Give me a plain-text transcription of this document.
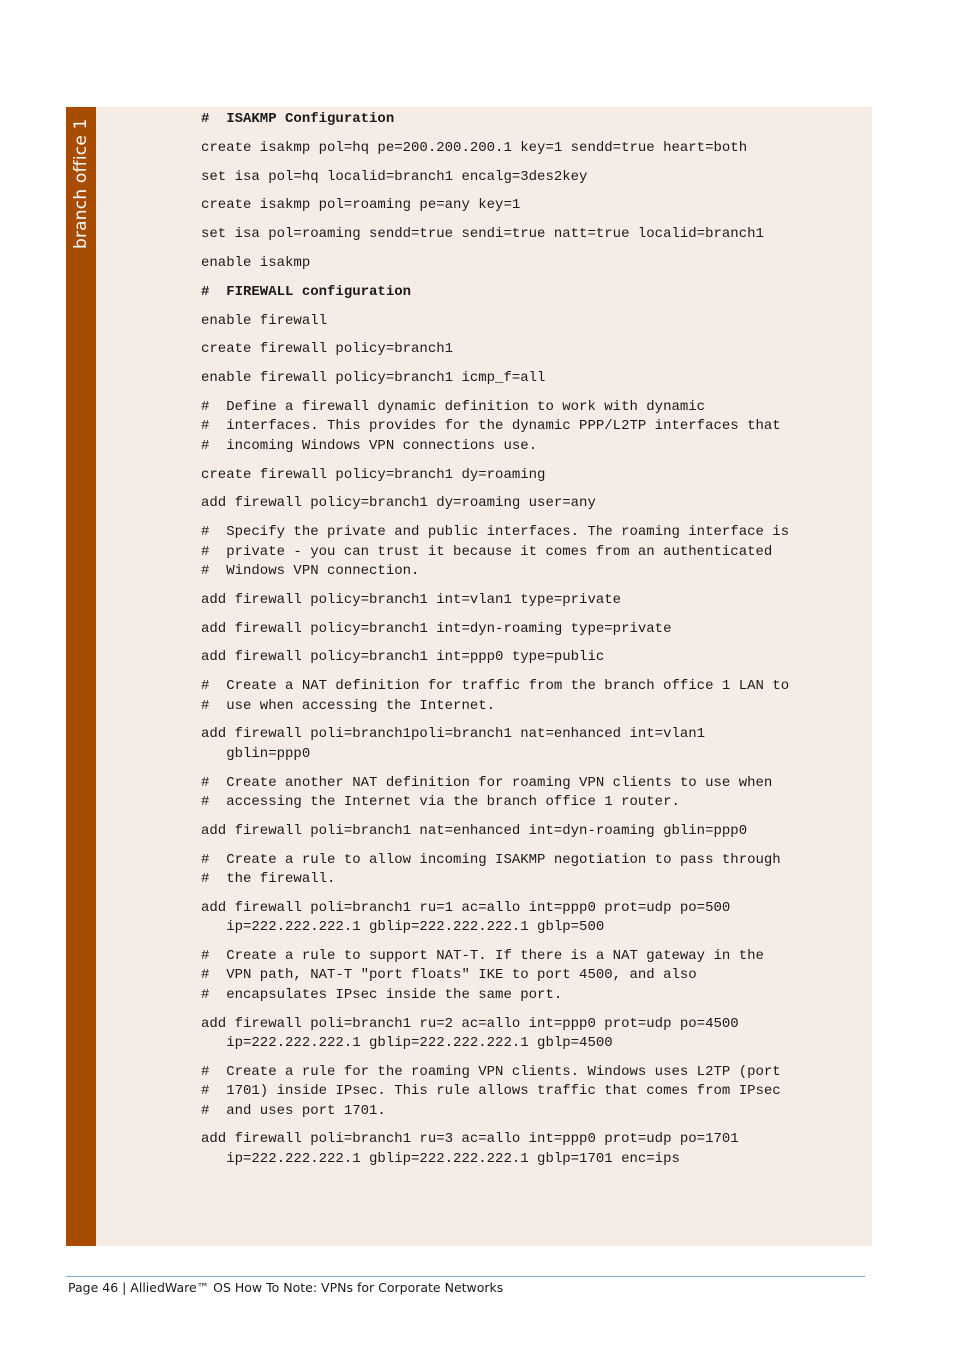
branch office 1	#  ISAKMP Configuration
create isakmp pol=hq pe=200.200.200.1 key=1 sendd=true heart=both
set isa pol=hq localid=branch1 encalg=3des2key
create isakmp pol=roaming pe=any key=1
set isa pol=roaming sendd=true sendi=true natt=true localid=branch1
enable isakmp
#  FIREWALL configuration
enable firewall
create firewall policy=branch1
enable firewall policy=branch1 icmp_f=all
#  Define a firewall dynamic definition to work with dynamic
#  interfaces. This provides for the dynamic PPP/L2TP interfaces that
#  incoming Windows VPN connections use.
create firewall policy=branch1 dy=roaming
add firewall policy=branch1 dy=roaming user=any
#  Specify the private and public interfaces. The roaming interface is
#  private - you can trust it because it comes from an authenticated
#  Windows VPN connection.
add firewall policy=branch1 int=vlan1 type=private
add firewall policy=branch1 int=dyn-roaming type=private
add firewall policy=branch1 int=ppp0 type=public
#  Create a NAT definition for traffic from the branch office 1 LAN to
#  use when accessing the Internet.
add firewall poli=branch1poli=branch1 nat=enhanced int=vlan1
gblin=ppp0
#  Create another NAT definition for roaming VPN clients to use when
#  accessing the Internet via the branch office 1 router.
add firewall poli=branch1 nat=enhanced int=dyn-roaming gblin=ppp0
#  Create a rule to allow incoming ISAKMP negotiation to pass through
#  the firewall.
add firewall poli=branch1 ru=1 ac=allo int=ppp0 prot=udp po=500
ip=222.222.222.1 gblip=222.222.222.1 gblp=500
#  Create a rule to support NAT-T. If there is a NAT gateway in the
#  VPN path, NAT-T "port floats" IKE to port 4500, and also
#  encapsulates IPsec inside the same port.
add firewall poli=branch1 ru=2 ac=allo int=ppp0 prot=udp po=4500
ip=222.222.222.1 gblip=222.222.222.1 gblp=4500
#  Create a rule for the roaming VPN clients. Windows uses L2TP (port
#  1701) inside IPsec. This rule allows traffic that comes from IPsec
#  and uses port 1701.
add firewall poli=branch1 ru=3 ac=allo int=ppp0 prot=udp po=1701
ip=222.222.222.1 gblip=222.222.222.1 gblp=1701 enc=ips
Page 46 | AlliedWare™ OS How To Note: VPNs for Corporate Networks
